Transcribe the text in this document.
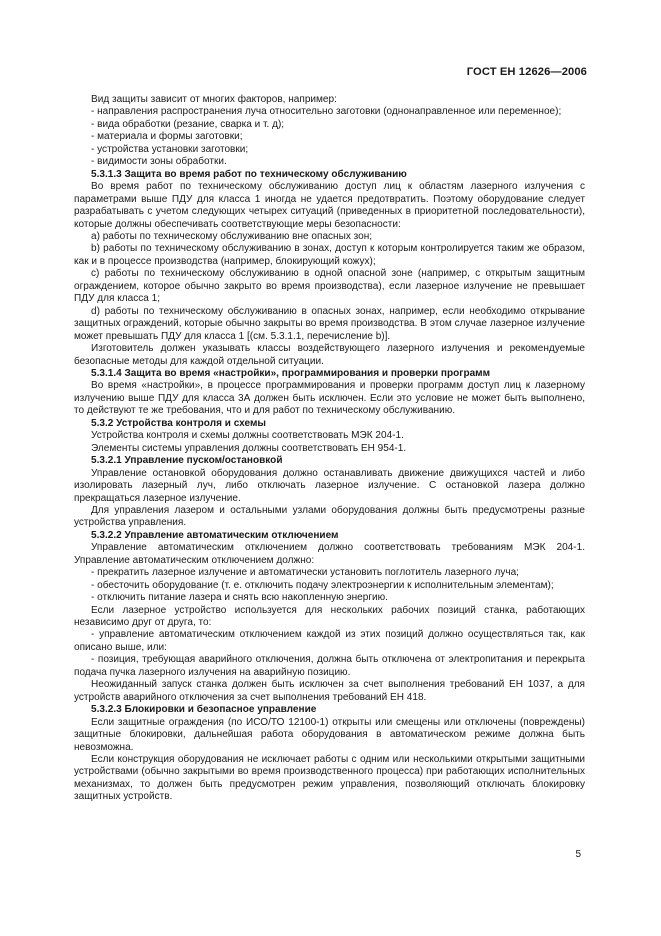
ГОСТ ЕН 12626—2006

Вид защиты зависит от многих факторов, например:

- направления распространения луча относительно заготовки (однонаправленное или переменное);

- вида обработки (резание, сварка и т. д);

- материала и формы заготовки;

- устройства установки заготовки;

- видимости зоны обработки.

5.3.1.3 Защита во время работ по техническому обслуживанию

Во время работ по техническому обслуживанию доступ лиц к областям лазерного излучения с параметрами выше ПДУ для класса 1 иногда не удается предотвратить. Поэтому оборудование следует разрабатывать с учетом следующих четырех ситуаций (приведенных в приоритетной последовательности), которые должны обеспечивать соответствующие меры безопасности:

a) работы по техническому обслуживанию вне опасных зон;

b) работы по техническому обслуживанию в зонах, доступ к которым контролируется таким же образом, как и в процессе производства (например, блокирующий кожух);

c) работы по техническому обслуживанию в одной опасной зоне (например, с открытым защитным ограждением, которое обычно закрыто во время производства), если лазерное излучение не превышает ПДУ для класса 1;

d) работы по техническому обслуживанию в опасных зонах, например, если необходимо открывание защитных ограждений, которые обычно закрыты во время производства. В этом случае лазерное излучение может превышать ПДУ для класса 1 [(см. 5.3.1.1, перечисление b)].

Изготовитель должен указывать классы воздействующего лазерного излучения и рекомендуемые безопасные методы для каждой отдельной ситуации.

5.3.1.4 Защита во время «настройки», программирования и проверки программ

Во время «настройки», в процессе программирования и проверки программ доступ лиц к лазерному излучению выше ПДУ для класса 3А должен быть исключен. Если это условие не может быть выполнено, то действуют те же требования, что и для работ по техническому обслуживанию.

5.3.2 Устройства контроля и схемы

Устройства контроля и схемы должны соответствовать МЭК 204-1.

Элементы системы управления должны соответствовать ЕН 954-1.

5.3.2.1 Управление пуском/остановкой

Управление остановкой оборудования должно останавливать движение движущихся частей и либо изолировать лазерный луч, либо отключать лазерное излучение. С остановкой лазера должно прекращаться лазерное излучение.

Для управления лазером и остальными узлами оборудования должны быть предусмотрены разные устройства управления.

5.3.2.2 Управление автоматическим отключением

Управление автоматическим отключением должно соответствовать требованиям МЭК 204-1. Управление автоматическим отключением должно:

- прекратить лазерное излучение и автоматически установить поглотитель лазерного луча;

- обесточить оборудование (т. е. отключить подачу электроэнергии к исполнительным элементам);

- отключить питание лазера и снять всю накопленную энергию.

Если лазерное устройство используется для нескольких рабочих позиций станка, работающих независимо друг от друга, то:

- управление автоматическим отключением каждой из этих позиций должно осуществляться так, как описано выше, или:

- позиция, требующая аварийного отключения, должна быть отключена от электропитания и перекрыта подача пучка лазерного излучения на аварийную позицию.

Неожиданный запуск станка должен быть исключен за счет выполнения требований ЕН 1037, а для устройств аварийного отключения за счет выполнения требований ЕН 418.

5.3.2.3 Блокировки и безопасное управление

Если защитные ограждения (по ИСО/ТО 12100-1) открыты или смещены или отключены (повреждены) защитные блокировки, дальнейшая работа оборудования в автоматическом режиме должна быть невозможна.

Если конструкция оборудования не исключает работы с одним или несколькими открытыми защитными устройствами (обычно закрытыми во время производственного процесса) при работающих исполнительных механизмах, то должен быть предусмотрен режим управления, позволяющий отключать блокировку защитных устройств.

5
